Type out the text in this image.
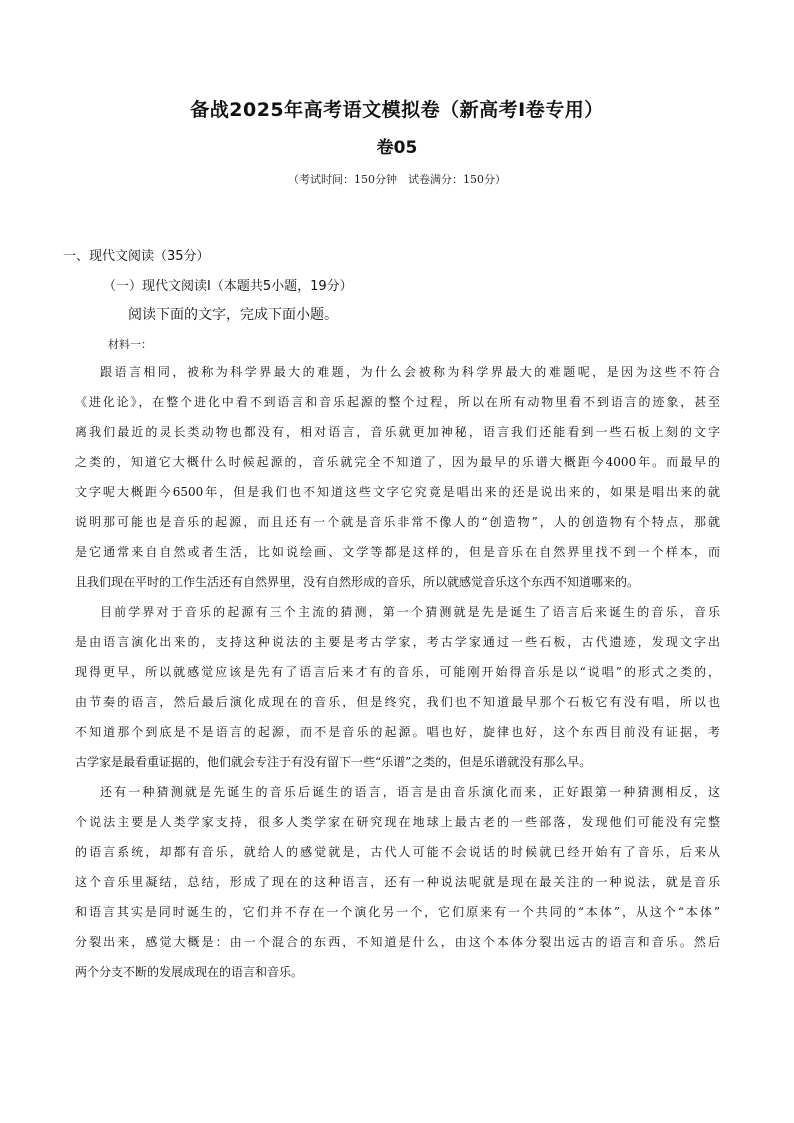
备战2025年高考语文模拟卷（新高考Ⅰ卷专用）
卷05
（考试时间：150分钟　试卷满分：150分）
一、现代文阅读（35分）
（一）现代文阅读Ⅰ（本题共5小题，19分）
阅读下面的文字，完成下面小题。
材料一：
跟语言相同，被称为科学界最大的难题，为什么会被称为科学界最大的难题呢，是因为这些不符合
《进化论》，在整个进化中看不到语言和音乐起源的整个过程，所以在所有动物里看不到语言的迹象，甚至
离我们最近的灵长类动物也都没有，相对语言，音乐就更加神秘，语言我们还能看到一些石板上刻的文字
之类的，知道它大概什么时候起源的，音乐就完全不知道了，因为最早的乐谱大概距今4000年。而最早的
文字呢大概距今6500年，但是我们也不知道这些文字它究竟是唱出来的还是说出来的，如果是唱出来的就
说明那可能也是音乐的起源，而且还有一个就是音乐非常不像人的“创造物”，人的创造物有个特点，那就
是它通常来自自然或者生活，比如说绘画、文学等都是这样的，但是音乐在自然界里找不到一个样本，而
且我们现在平时的工作生活还有自然界里，没有自然形成的音乐，所以就感觉音乐这个东西不知道哪来的。
目前学界对于音乐的起源有三个主流的猜测，第一个猜测就是先是诞生了语言后来诞生的音乐，音乐
是由语言演化出来的，支持这种说法的主要是考古学家，考古学家通过一些石板，古代遗迹，发现文字出
现得更早，所以就感觉应该是先有了语言后来才有的音乐，可能刚开始得音乐是以“说唱”的形式之类的，
由节奏的语言，然后最后演化成现在的音乐，但是终究，我们也不知道最早那个石板它有没有唱，所以也
不知道那个到底是不是语言的起源，而不是音乐的起源。唱也好，旋律也好，这个东西目前没有证据，考
古学家是最看重证据的，他们就会专注于有没有留下一些“乐谱”之类的，但是乐谱就没有那么早。
还有一种猜测就是先诞生的音乐后诞生的语言，语言是由音乐演化而来，正好跟第一种猜测相反，这
个说法主要是人类学家支持，很多人类学家在研究现在地球上最古老的一些部落，发现他们可能没有完整
的语言系统，却都有音乐，就给人的感觉就是，古代人可能不会说话的时候就已经开始有了音乐，后来从
这个音乐里凝结，总结，形成了现在的这种语言，还有一种说法呢就是现在最关注的一种说法，就是音乐
和语言其实是同时诞生的，它们并不存在一个演化另一个，它们原来有一个共同的“本体”，从这个“本体”
分裂出来，感觉大概是：由一个混合的东西，不知道是什么，由这个本体分裂出远古的语言和音乐。然后
两个分支不断的发展成现在的语言和音乐。
